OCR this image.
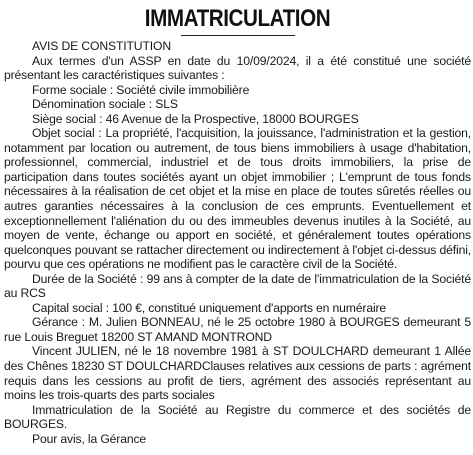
IMMATRICULATION

AVIS DE CONSTITUTION

Aux termes d'un ASSP en date du 10/09/2024, il a été constitué une société présentant les caractéristiques suivantes :

Forme sociale : Société civile immobilière

Dénomination sociale : SLS

Siège social : 46 Avenue de la Prospective, 18000 BOURGES

Objet social : La propriété, l'acquisition, la jouissance, l'administration et la gestion, notamment par location ou autrement, de tous biens immobiliers à usage d'habitation, professionnel, commercial, industriel et de tous droits immobiliers, la prise de participation dans toutes sociétés ayant un objet immobilier ; L'emprunt de tous fonds nécessaires à la réalisation de cet objet et la mise en place de toutes sûretés réelles ou autres garanties nécessaires à la conclusion de ces emprunts. Eventuellement et exceptionnellement l'aliénation du ou des immeubles devenus inutiles à la Société, au moyen de vente, échange ou apport en société, et généralement toutes opérations quelconques pouvant se rattacher directement ou indirectement à l'objet ci-dessus défini, pourvu que ces opérations ne modifient pas le caractère civil de la Société.

Durée de la Société : 99 ans à compter de la date de l'immatriculation de la Société au RCS

Capital social : 100 €, constitué uniquement d'apports en numéraire

Gérance : M. Julien BONNEAU, né le 25 octobre 1980 à BOURGES demeurant 5 rue Louis Breguet 18200 ST AMAND MONTROND

Vincent JULIEN, né le 18 novembre 1981 à ST DOULCHARD demeurant 1 Allée des Chênes 18230 ST DOULCHARDClauses relatives aux cessions de parts : agrément requis dans les cessions au profit de tiers, agrément des associés représentant au moins les trois-quarts des parts sociales

Immatriculation de la Société au Registre du commerce et des sociétés de BOURGES.

Pour avis, la Gérance
